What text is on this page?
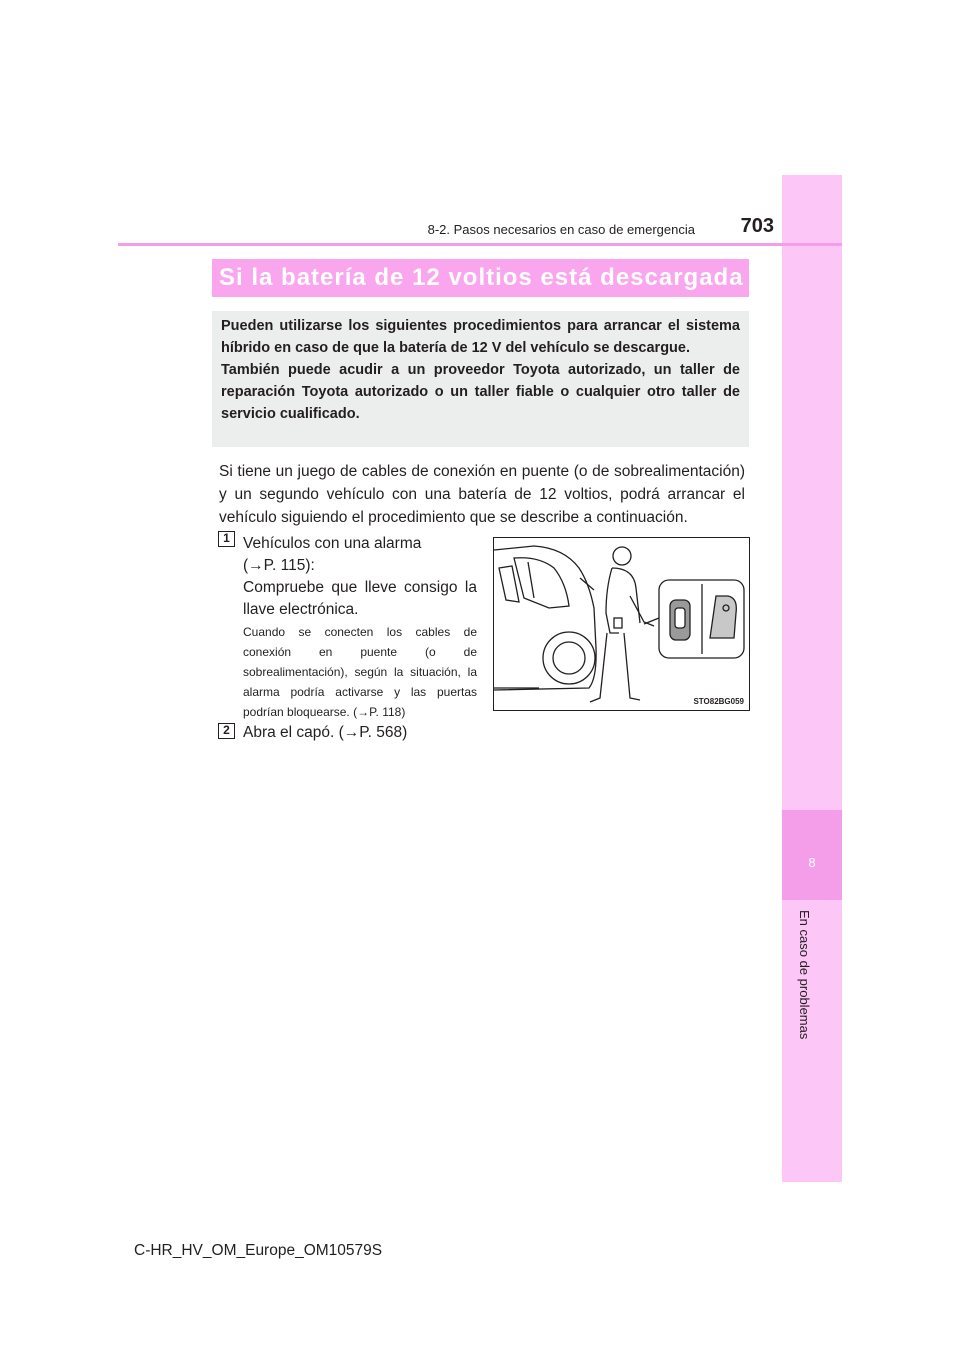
8
En caso de problemas
8-2. Pasos necesarios en caso de emergencia 703
Si la batería de 12 voltios está descargada

Pueden utilizarse los siguientes procedimientos para arrancar el sistema híbrido en caso de que la batería de 12 V del vehículo se descargue.

También puede acudir a un proveedor Toyota autorizado, un taller de reparación Toyota autorizado o un taller fiable o cualquier otro taller de servicio cualificado.

Si tiene un juego de cables de conexión en puente (o de sobrealimentación) y un segundo vehículo con una batería de 12 voltios, podrá arrancar el vehículo siguiendo el procedimiento que se describe a continuación.
1 Vehículos con una alarma
(→P. 115):
Compruebe que lleve consigo la llave electrónica.
Cuando se conecten los cables de conexión en puente (o de sobrealimentación), según la situación, la alarma podría activarse y las puertas podrían bloquearse. (→P. 118)
STO82BG059
2 Abra el capó. (→P. 568)
C-HR_HV_OM_Europe_OM10579S
